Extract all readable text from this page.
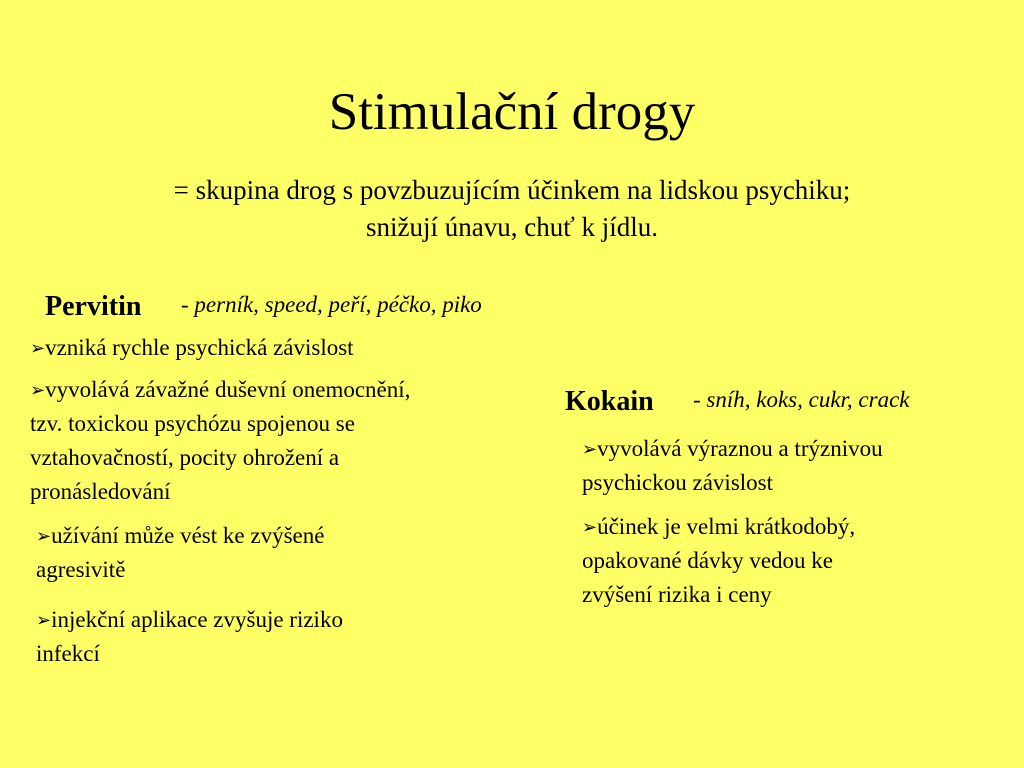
Stimulační drogy
= skupina drog s povzbuzujícím účinkem na lidskou psychiku;
snižují únavu, chuť k jídlu.
Pervitin - perník, speed, peří, péčko, piko
➢vzniká rychle psychická závislost
➢vyvolává závažné duševní onemocnění,
tzv. toxickou psychózu spojenou se
vztahovačností, pocity ohrožení a
pronásledování
➢užívání může vést ke zvýšené
agresivitě
➢injekční aplikace zvyšuje riziko
infekcí
Kokain - sníh, koks, cukr, crack
➢vyvolává výraznou a trýznivou
psychickou závislost
➢účinek je velmi krátkodobý,
opakované dávky vedou ke
zvýšení rizika i ceny
